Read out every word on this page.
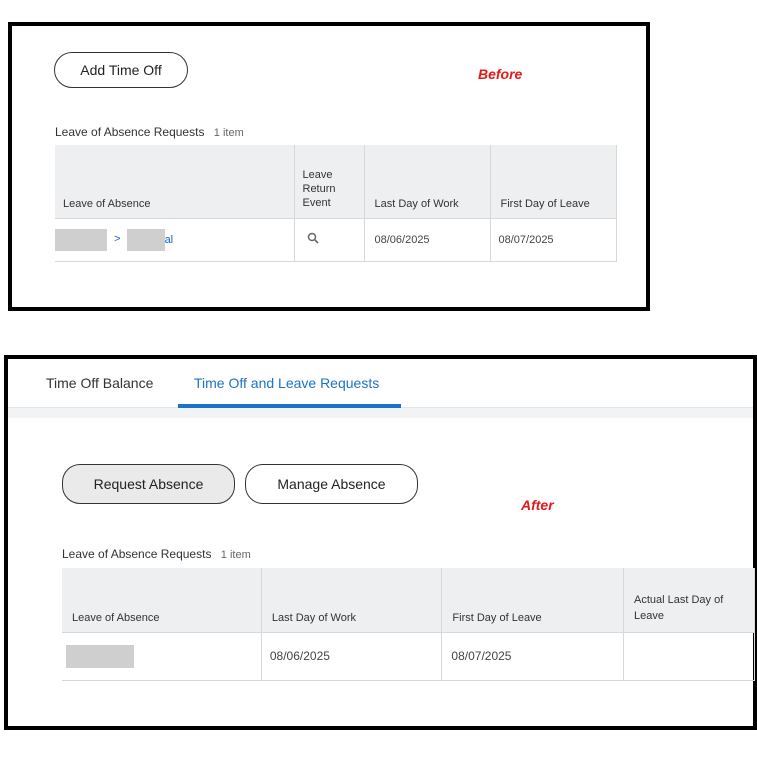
Add Time Off	Before
Leave of Absence Requests 1 item
Leave of Absence	Leave Return Event	Last Day of Work	First Day of Leave
> al		08/06/2025	08/07/2025
Time Off Balance	Time Off and Leave Requests
Request Absence	Manage Absence
After
Leave of Absence Requests 1 item
Leave of Absence	Last Day of Work	First Day of Leave	Actual Last Day of Leave

	08/06/2025	08/07/2025	
